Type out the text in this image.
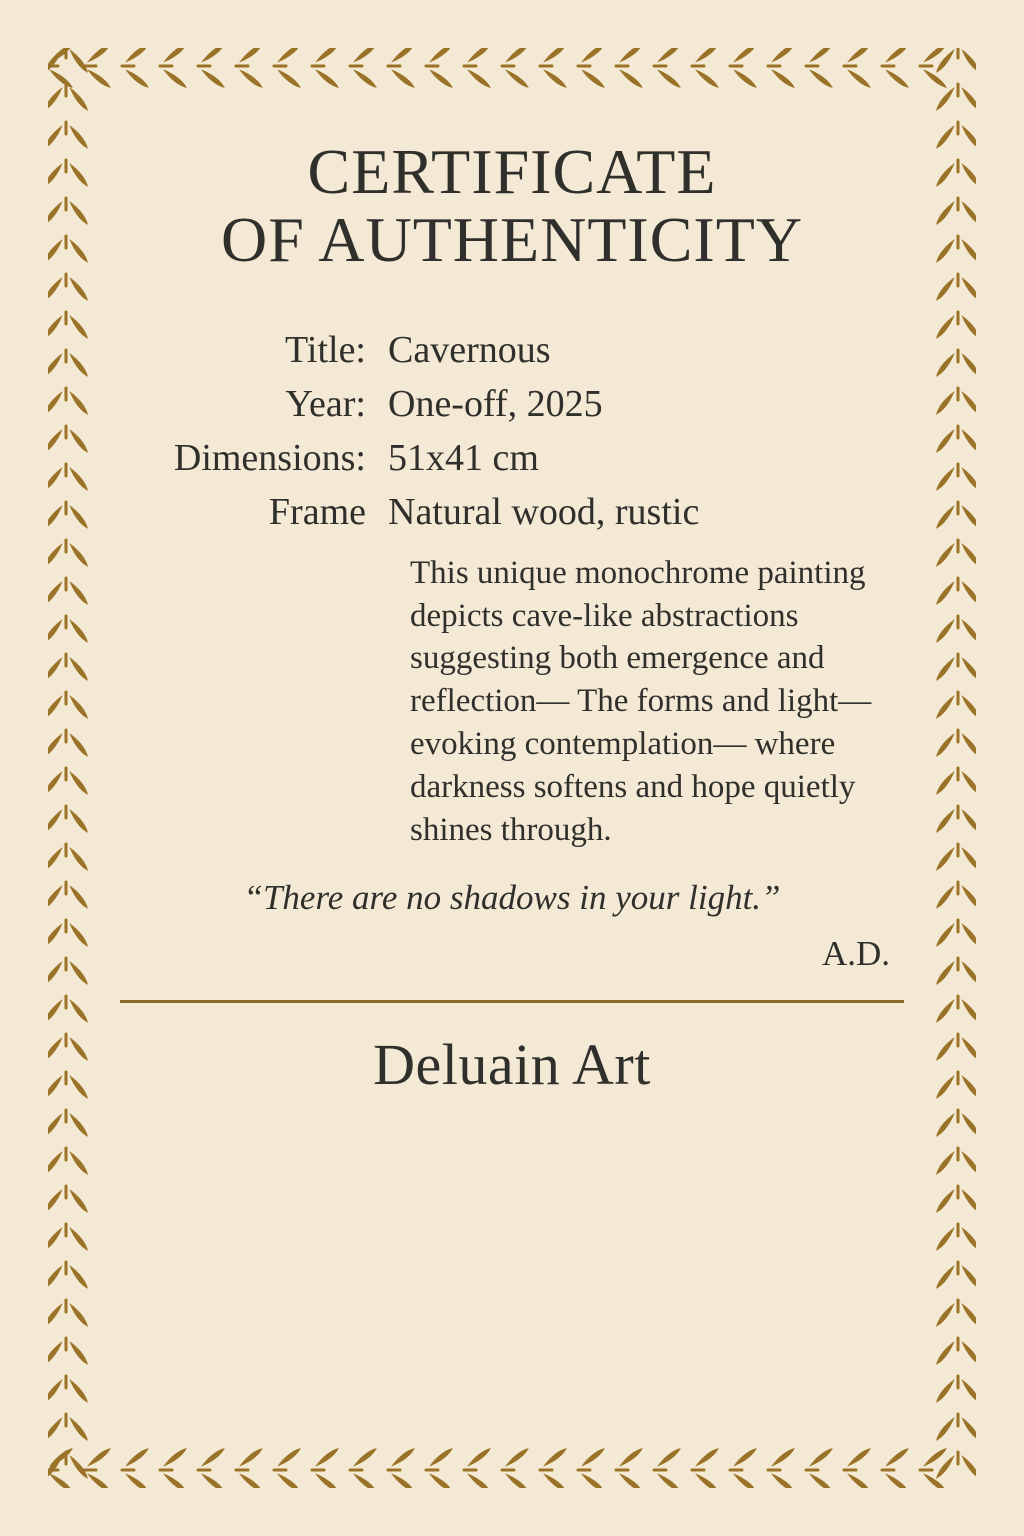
CERTIFICATE
OF AUTHENTICITY
Title: Cavernous
Year: One-off, 2025
Dimensions: 51x41 cm
Frame Natural wood, rustic
This unique monochrome painting depicts cave-like abstractions suggesting both emergence and reflection— The forms and light— evoking contemplation— where darkness softens and hope quietly shines through.
“There are no shadows in your light.”
A.D.
Deluain Art
